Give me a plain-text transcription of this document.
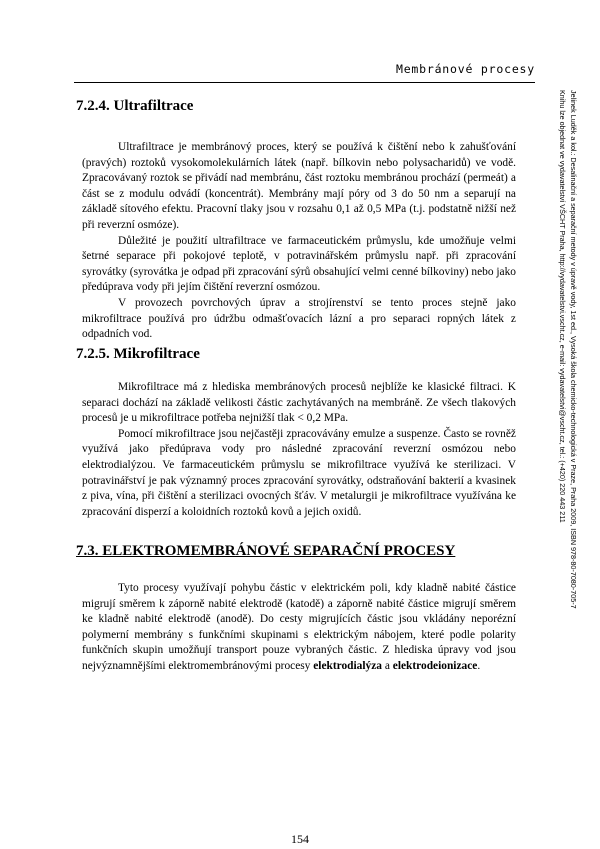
Membránové procesy
Jelínek Luděk a kol.: Desalinační a separační metody v úpravě vody, 1st ed., Vysoká škola chemicko-technologická v Praze, Praha 2009, ISBN 978-80-7080-705-7
Knihu lze objednat ve vydavatelství VŠCHT Praha, http://vydavatelstvi.vscht.cz, e-mail: vydavatelstvi@vscht.cz, tel.: (+420) 220 443 211
7.2.4. Ultrafiltrace

Ultrafiltrace je membránový proces, který se používá k čištění nebo k zahušťování (pravých) roztoků vysokomolekulárních látek (např. bílkovin nebo polysacharidů) ve vodě. Zpracovávaný roztok se přivádí nad membránu, část roztoku membránou prochází (permeát) a část se z modulu odvádí (koncentrát). Membrány mají póry od 3 do 50 nm a separují na základě sítového efektu. Pracovní tlaky jsou v rozsahu 0,1 až 0,5 MPa (t.j. podstatně nižší než při reverzní osmóze).

Důležité je použití ultrafiltrace ve farmaceutickém průmyslu, kde umožňuje velmi šetrné separace při pokojové teplotě, v potravinářském průmyslu např. při zpracování syrovátky (syrovátka je odpad při zpracování sýrů obsahující velmi cenné bílkoviny) nebo jako předúprava vody při jejím čištění reverzní osmózou.

V provozech povrchových úprav a strojírenství se tento proces stejně jako mikrofiltrace používá pro údržbu odmašťovacích lázní a pro separaci ropných látek z odpadních vod.

7.2.5. Mikrofiltrace

Mikrofiltrace má z hlediska membránových procesů nejblíže ke klasické filtraci. K separaci dochází na základě velikosti částic zachytávaných na membráně. Ze všech tlakových procesů je u mikrofiltrace potřeba nejnižší tlak < 0,2 MPa.

Pomocí mikrofiltrace jsou nejčastěji zpracovávány emulze a suspenze. Často se rovněž využívá jako předúprava vody pro následné zpracování reverzní osmózou nebo elektrodialýzou. Ve farmaceutickém průmyslu se mikrofiltrace využívá ke sterilizaci. V potravinářství je pak významný proces zpracování syrovátky, odstraňování bakterií a kvasinek z piva, vína, při čištění a sterilizaci ovocných šťáv. V metalurgii je mikrofiltrace využívána ke zpracování disperzí a koloidních roztoků kovů a jejich oxidů.

7.3. ELEKTROMEMBRÁNOVÉ SEPARAČNÍ PROCESY

Tyto procesy využívají pohybu částic v elektrickém poli, kdy kladně nabité částice migrují směrem k záporně nabité elektrodě (katodě) a záporně nabité částice migrují směrem ke kladně nabité elektrodě (anodě). Do cesty migrujících částic jsou vkládány neporézní polymerní membrány s funkčními skupinami s elektrickým nábojem, které podle polarity funkčních skupin umožňují transport pouze vybraných částic. Z hlediska úpravy vod jsou nejvýznamnějšími elektromembránovými procesy elektrodialýza a elektrodeionizace.

154
